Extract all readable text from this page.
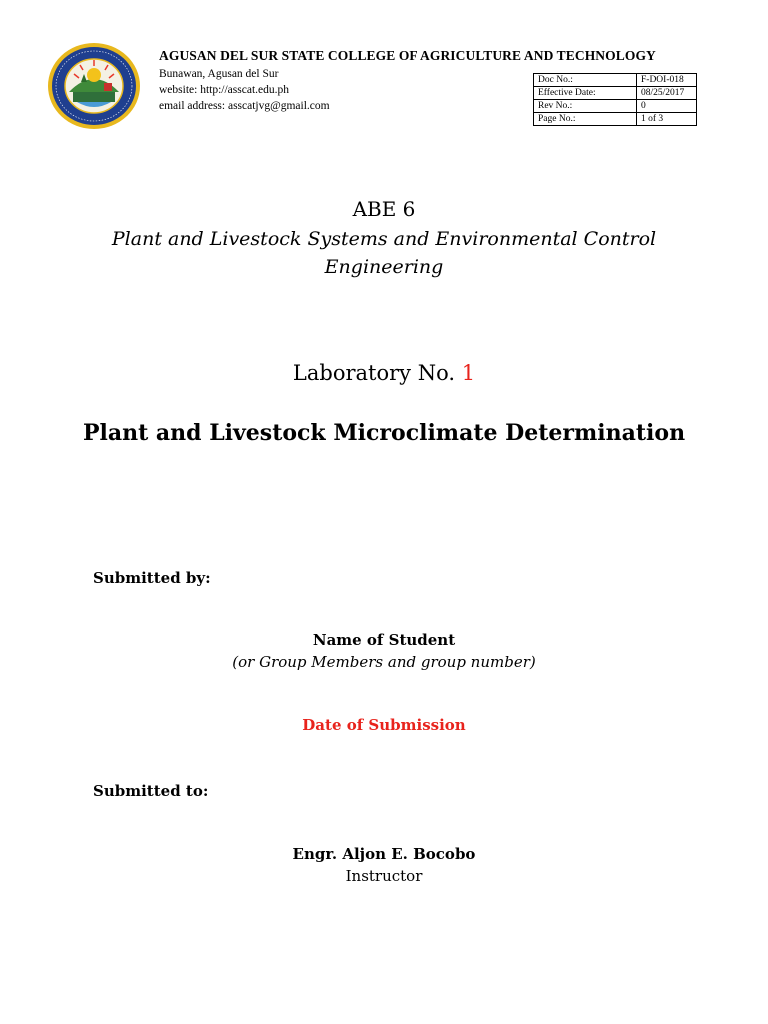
AGUSAN DEL SUR STATE COLLEGE OF AGRICULTURE AND TECHNOLOGY
Bunawan, Agusan del Sur
website: http://asscat.edu.ph
email address: asscatjvg@gmail.com
Doc No.:	F-DOI-018
Effective Date:	08/25/2017
Rev No.:	0
Page No.:	1 of 3
ABE 6
Plant and Livestock Systems and Environmental Control Engineering
Laboratory No. 1
Plant and Livestock Microclimate Determination
Submitted by:
Name of Student
(or Group Members and group number)
Date of Submission
Submitted to:
Engr. Aljon E. Bocobo
Instructor
